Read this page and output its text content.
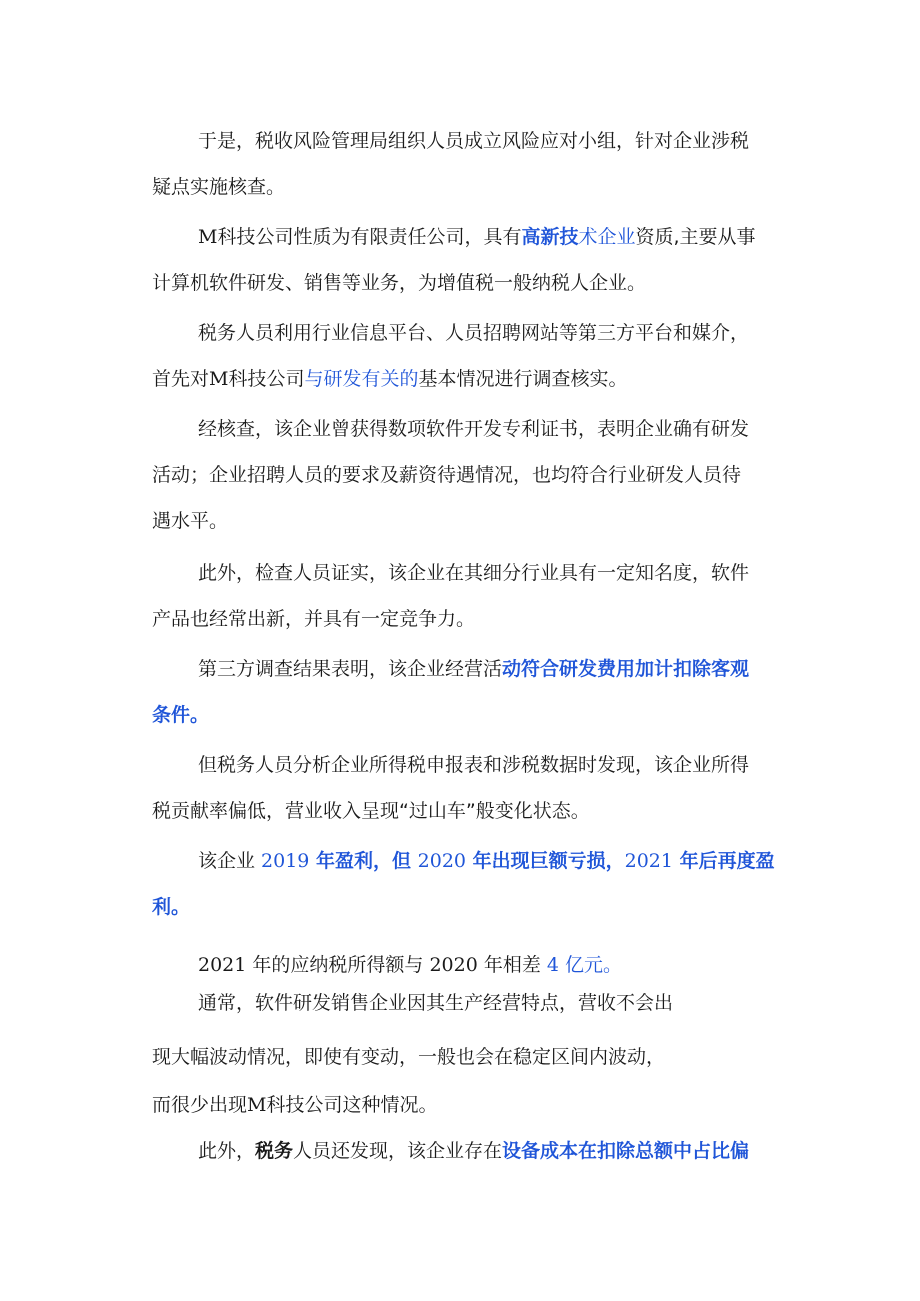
于是，税收风险管理局组织人员成立风险应对小组，针对企业涉税
疑点实施核查。
M科技公司性质为有限责任公司，具有高新技术企业资质,主要从事
计算机软件研发、销售等业务，为增值税一般纳税人企业。
税务人员利用行业信息平台、人员招聘网站等第三方平台和媒介，
首先对M科技公司与研发有关的基本情况进行调查核实。
经核查，该企业曾获得数项软件开发专利证书，表明企业确有研发
活动；企业招聘人员的要求及薪资待遇情况，也均符合行业研发人员待
遇水平。
此外，检查人员证实，该企业在其细分行业具有一定知名度，软件
产品也经常出新，并具有一定竞争力。
第三方调查结果表明，该企业经营活动符合研发费用加计扣除客观
条件。
但税务人员分析企业所得税申报表和涉税数据时发现，该企业所得
税贡献率偏低，营业收入呈现“过山车”般变化状态。
该企业 2019 年盈利，但 2020 年出现巨额亏损，2021 年后再度盈
利。
2021 年的应纳税所得额与 2020 年相差 4 亿元。
通常，软件研发销售企业因其生产经营特点，营收不会出
现大幅波动情况，即使有变动，一般也会在稳定区间内波动，
而很少出现M科技公司这种情况。
此外，税务人员还发现，该企业存在设备成本在扣除总额中占比偏
